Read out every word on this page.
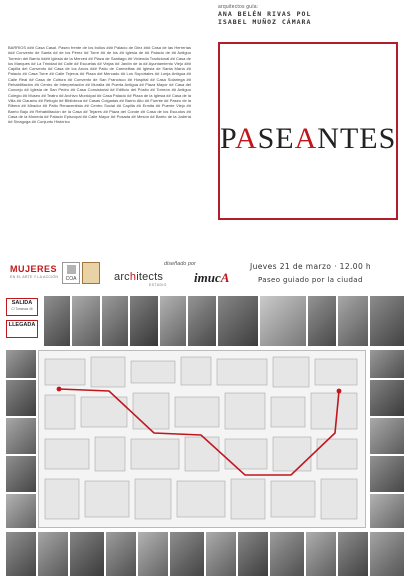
BARRIOS ### Casa Casal. Paseo frente de los bollos ### Palacio de Diez ### Casa de las Herrerías ### Convento de Santa ## de los Pérez ## Torre ## de los ## Iglesia de ## Palacio de ## Antiguo Torreón del Barrio #### Iglesia de la Merced ## Plaza de Santiago ## Vivienda Tradicional ## Casa de los Marques ## La Trinidad ## Calle ## Escuelas ## Viejas ## Jardín de la ## Ayuntamiento Viejo ### Capilla del Convento ## Casa de los Arcos ### Patio de Carmelitas ## Iglesia de Santa María ## Palacio ## Casa Torre ## Calle Tejeros ## Plaza del Mercado ## Los Soportales ## Lonja Antigua ## Calle Real ## Casa de Cultura ## Convento de San Francisco ## Hospital ## Casa Solariega ## Rehabilitación ## Centro de Interpretación ## Muralla ## Puerta Antigua ## Plaza Mayor ## Casa del Concejo ## Iglesia de San Pedro ## Casa Consistorial ## Edificio del Pósito ## Torreón ## Antiguo Colegio ## Museo ## Teatro ## Archivo Municipal ## Casa Palacio ## Plaza de la Iglesia ## Casa de la Villa ## Claustro ## Refugio ## Biblioteca ## Casas Colgadas ## Barrio Alto ## Fuente ## Paseo de la Ribera ## Mirador ## Patio Renacentista ## Centro Social ## Capilla ## Ermita ## Puente Viejo ## Barrio Bajo ## Rehabilitación de la Casa ## Tejares ## Plaza del Conde ## Casa de los Escudos ## Casa de la Moneda ## Palacio Episcopal ## Calle Mayor ## Posada ## Mesón ## Barrio de la Judería ## Sinagoga ## Conjunto Histórico
arquitectos guía:
ANA BELÉN RIVAS POL
ISABEL MUÑOZ CÁMARA
PASEANTES
MUJERES
EN EL ARTE Y LA ACCIÓN	COA
diseñado por
architects
ESTUDIO imucA
Jueves 21 de marzo · 12.00 h
Paseo guiado por la ciudad
SALIDA
C/ Tomasas 46
LLEGADA
